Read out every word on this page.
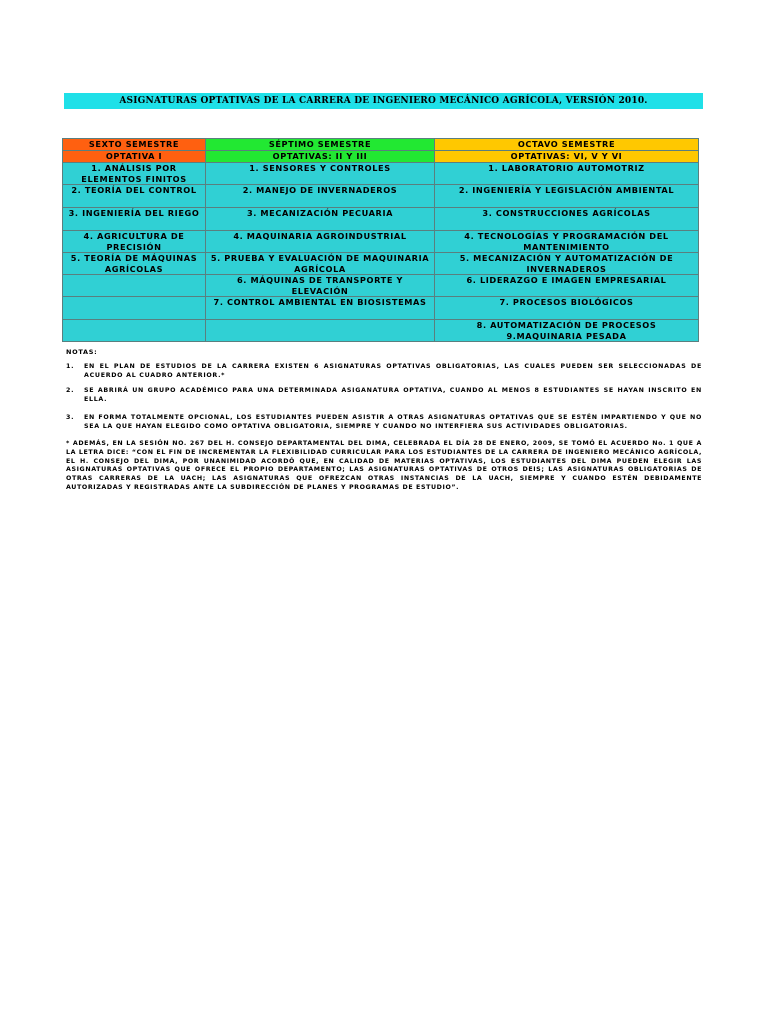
ASIGNATURAS OPTATIVAS DE LA CARRERA DE INGENIERO MECÁNICO AGRÍCOLA, VERSIÓN 2010.
SEXTO SEMESTRE	SÉPTIMO SEMESTRE	OCTAVO SEMESTRE
OPTATIVA I	OPTATIVAS: II Y III	OPTATIVAS: VI, V Y VI
1. ANÁLISIS POR ELEMENTOS FINITOS	1. SENSORES Y CONTROLES	1. LABORATORIO AUTOMOTRIZ
2. TEORÍA DEL CONTROL	2. MANEJO DE INVERNADEROS	2. INGENIERÍA Y LEGISLACIÓN AMBIENTAL
3. INGENIERÍA DEL RIEGO	3. MECANIZACIÓN PECUARIA	3. CONSTRUCCIONES AGRÍCOLAS
4. AGRICULTURA DE PRECISIÓN	4. MAQUINARIA AGROINDUSTRIAL	4. TECNOLOGÍAS Y PROGRAMACIÓN DEL MANTENIMIENTO
5. TEORÍA DE MÁQUINAS AGRÍCOLAS	5. PRUEBA Y EVALUACIÓN DE MAQUINARIA AGRÍCOLA	5. MECANIZACIÓN Y AUTOMATIZACIÓN DE INVERNADEROS
	6. MÁQUINAS DE TRANSPORTE Y ELEVACIÓN	6. LIDERAZGO E IMAGEN EMPRESARIAL
	7. CONTROL AMBIENTAL EN BIOSISTEMAS	7. PROCESOS BIOLÓGICOS
		8. AUTOMATIZACIÓN DE PROCESOS 9.MAQUINARIA PESADA
NOTAS:
1.	EN EL PLAN DE ESTUDIOS DE LA CARRERA EXISTEN 6 ASIGNATURAS OPTATIVAS OBLIGATORIAS, LAS CUALES PUEDEN SER SELECCIONADAS DE ACUERDO AL CUADRO ANTERIOR.*
2.	SE ABRIRÁ UN GRUPO ACADÉMICO PARA UNA DETERMINADA ASIGANATURA OPTATIVA, CUANDO AL MENOS 8 ESTUDIANTES SE HAYAN INSCRITO EN ELLA.
3.	EN FORMA TOTALMENTE OPCIONAL, LOS ESTUDIANTES PUEDEN ASISTIR A OTRAS ASIGNATURAS OPTATIVAS QUE SE ESTÉN IMPARTIENDO Y QUE NO SEA LA QUE HAYAN ELEGIDO COMO OPTATIVA OBLIGATORIA, SIEMPRE Y CUANDO NO INTERFIERA SUS ACTIVIDADES OBLIGATORIAS.
* ADEMÁS, EN LA SESIÓN NO. 267 DEL H. CONSEJO DEPARTAMENTAL DEL DIMA, CELEBRADA EL DÍA 28 DE ENERO, 2009, SE TOMÓ EL ACUERDO No. 1 QUE A LA LETRA DICE: “CON EL FIN DE INCREMENTAR LA FLEXIBILIDAD CURRICULAR PARA LOS ESTUDIANTES DE LA CARRERA DE INGENIERO MECÁNICO AGRÍCOLA, EL H. CONSEJO DEL DIMA, POR UNANIMIDAD ACORDÓ QUE, EN CALIDAD DE MATERIAS OPTATIVAS, LOS ESTUDIANTES DEL DIMA PUEDEN ELEGIR LAS ASIGNATURAS OPTATIVAS QUE OFRECE EL PROPIO DEPARTAMENTO; LAS ASIGNATURAS OPTATIVAS DE OTROS DEIS; LAS ASIGNATURAS OBLIGATORIAS DE OTRAS CARRERAS DE LA UACH; LAS ASIGNATURAS QUE OFREZCAN OTRAS INSTANCIAS DE LA UACH, SIEMPRE Y CUANDO ESTÉN DEBIDAMENTE AUTORIZADAS Y REGISTRADAS ANTE LA SUBDIRECCIÓN DE PLANES Y PROGRAMAS DE ESTUDIO”.
